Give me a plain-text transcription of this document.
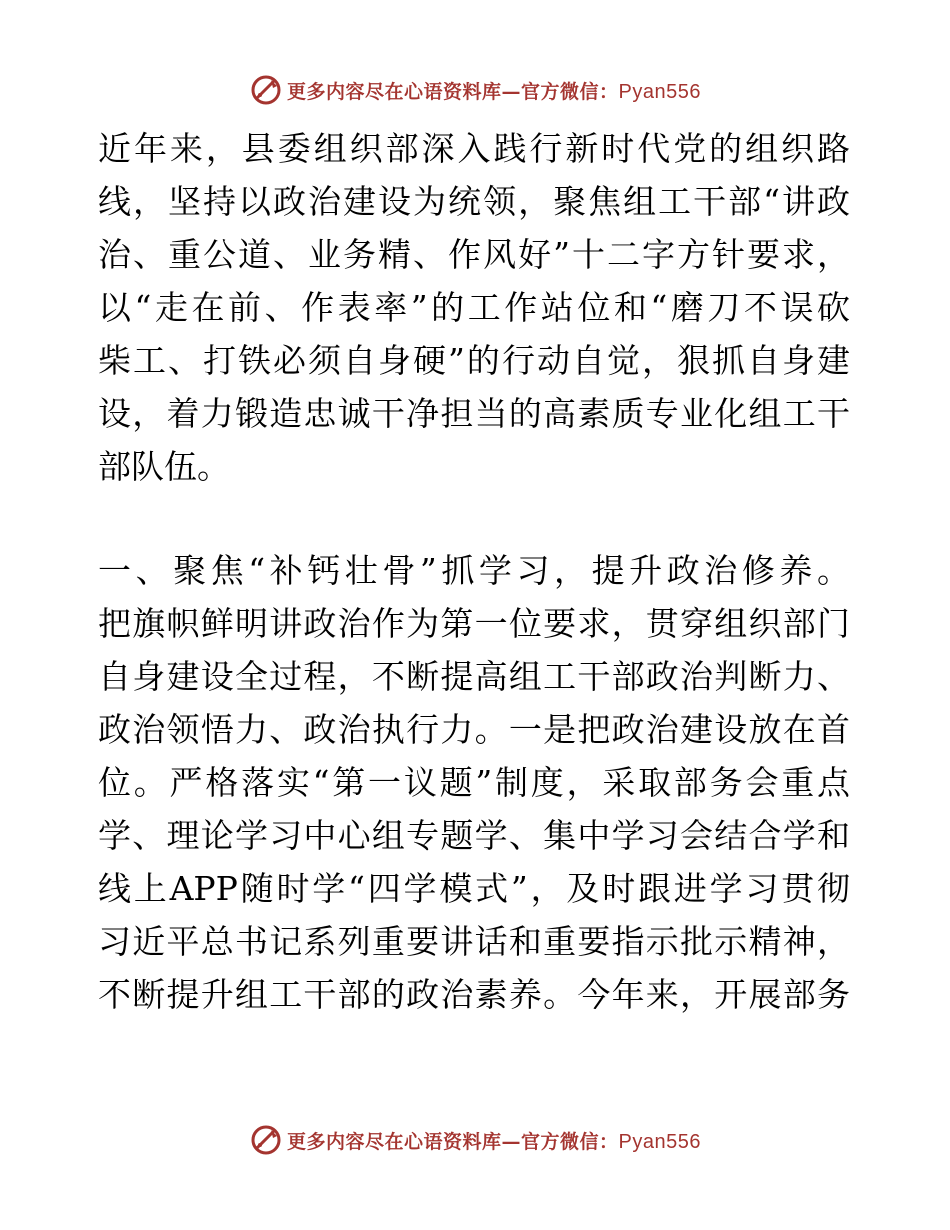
更多内容尽在心语资料库—官方微信：Pyan556
近年来，县委组织部深入践行新时代党的组织路
线，坚持以政治建设为统领，聚焦组工干部“讲政
治、重公道、业务精、作风好”十二字方针要求，
以“走在前、作表率”的工作站位和“磨刀不误砍
柴工、打铁必须自身硬”的行动自觉，狠抓自身建
设，着力锻造忠诚干净担当的高素质专业化组工干
部队伍。
一、聚焦“补钙壮骨”抓学习，提升政治修养。
把旗帜鲜明讲政治作为第一位要求，贯穿组织部门
自身建设全过程，不断提高组工干部政治判断力、
政治领悟力、政治执行力。一是把政治建设放在首
位。严格落实“第一议题”制度，采取部务会重点
学、理论学习中心组专题学、集中学习会结合学和
线上APP随时学“四学模式”，及时跟进学习贯彻
习近平总书记系列重要讲话和重要指示批示精神，
不断提升组工干部的政治素养。今年来，开展部务
更多内容尽在心语资料库—官方微信：Pyan556
